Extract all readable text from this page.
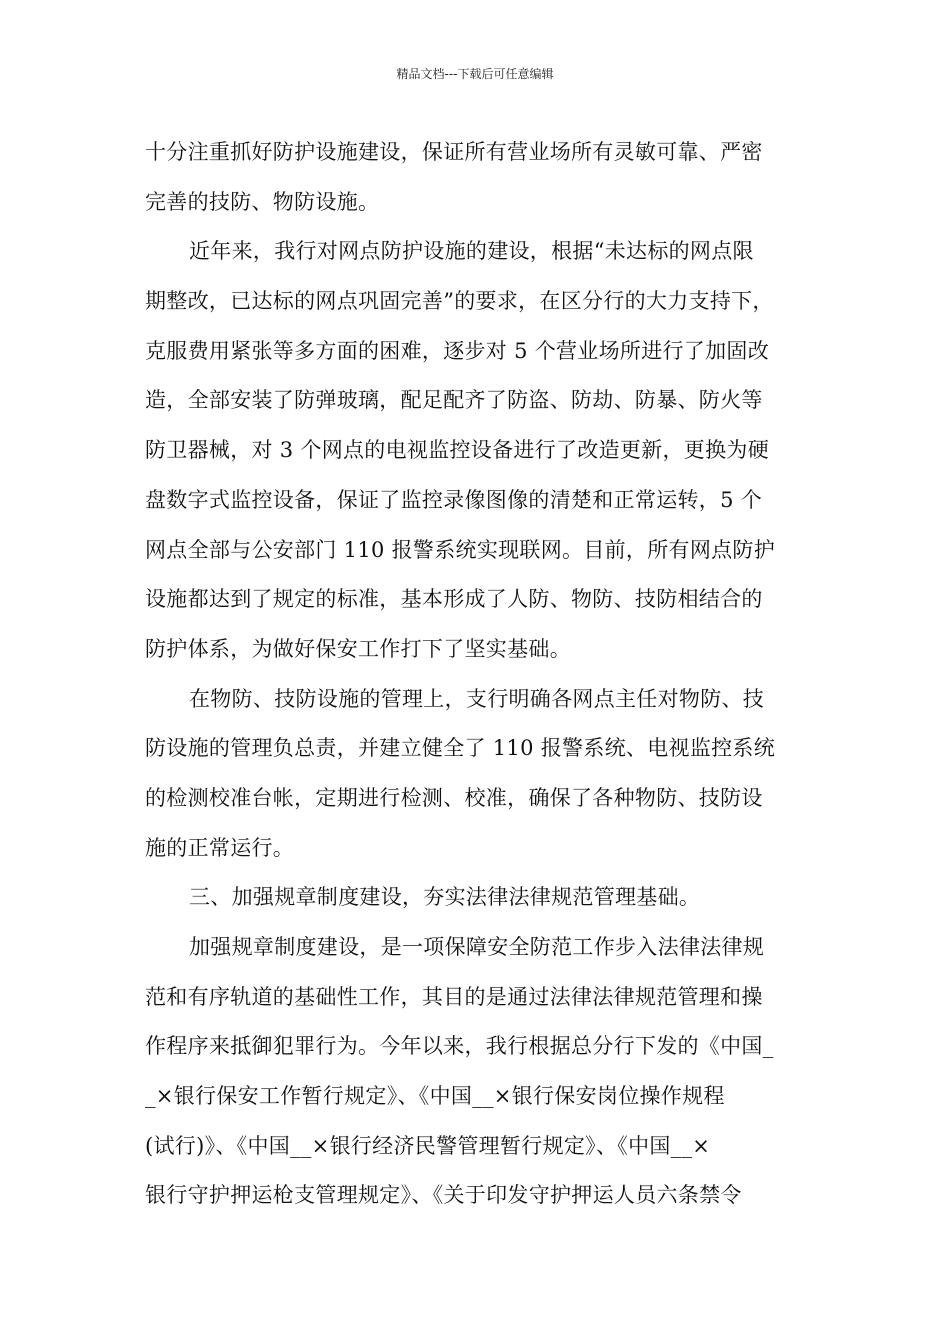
精品文档---下载后可任意编辑
十分注重抓好防护设施建设，保证所有营业场所有灵敏可靠、严密
完善的技防、物防设施。
近年来，我行对网点防护设施的建设，根据“未达标的网点限
期整改，已达标的网点巩固完善”的要求，在区分行的大力支持下，
克服费用紧张等多方面的困难，逐步对 5 个营业场所进行了加固改
造，全部安装了防弹玻璃，配足配齐了防盗、防劫、防暴、防火等
防卫器械，对 3 个网点的电视监控设备进行了改造更新，更换为硬
盘数字式监控设备，保证了监控录像图像的清楚和正常运转，5 个
网点全部与公安部门 110 报警系统实现联网。目前，所有网点防护
设施都达到了规定的标准，基本形成了人防、物防、技防相结合的
防护体系，为做好保安工作打下了坚实基础。
在物防、技防设施的管理上，支行明确各网点主任对物防、技
防设施的管理负总责，并建立健全了 110 报警系统、电视监控系统
的检测校准台帐，定期进行检测、校准，确保了各种物防、技防设
施的正常运行。
三、加强规章制度建设，夯实法律法律规范管理基础。
加强规章制度建设，是一项保障安全防范工作步入法律法律规
范和有序轨道的基础性工作，其目的是通过法律法律规范管理和操
作程序来抵御犯罪行为。今年以来，我行根据总分行下发的《中国_
_×银行保安工作暂行规定》、《中国__×银行保安岗位操作规程
(试行)》、《中国__×银行经济民警管理暂行规定》、《中国__×
银行守护押运枪支管理规定》、《关于印发守护押运人员六条禁令
